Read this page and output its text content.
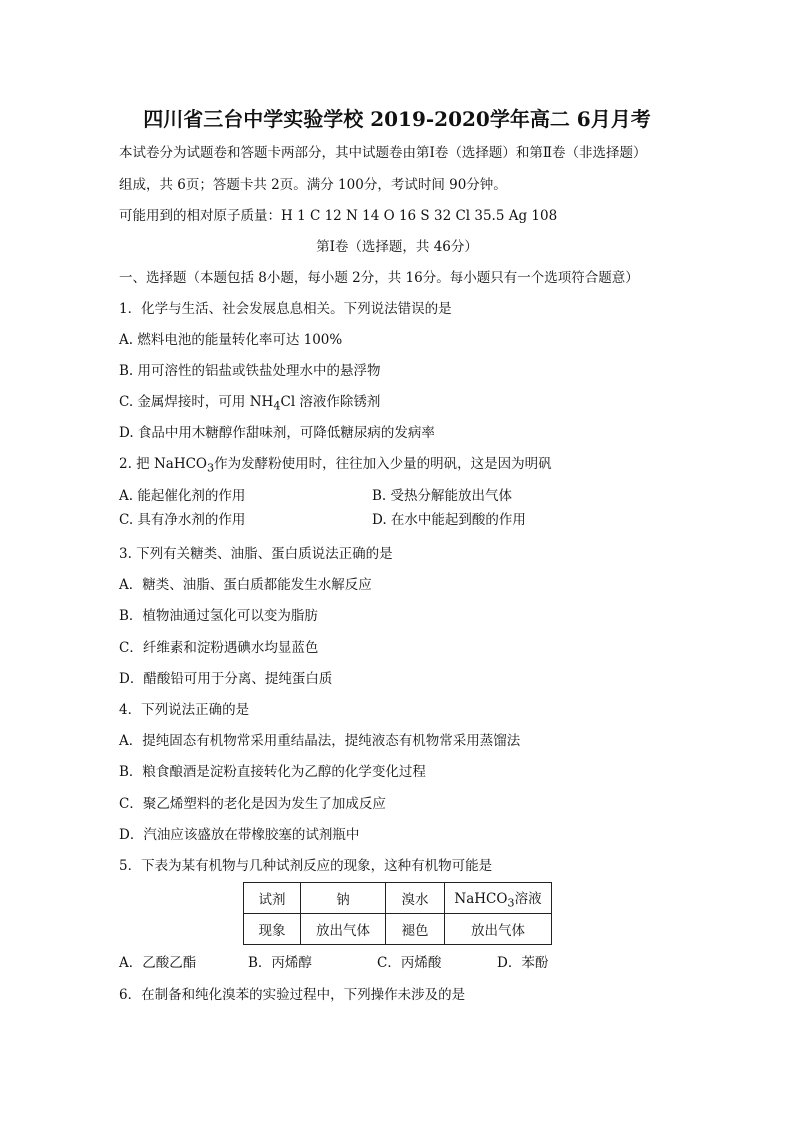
四川省三台中学实验学校 2019-2020学年高二 6月月考
本试卷分为试题卷和答题卡两部分，其中试题卷由第Ⅰ卷（选择题）和第Ⅱ卷（非选择题）
组成，共 6页；答题卡共 2页。满分 100分，考试时间 90分钟。
可能用到的相对原子质量：H 1 C 12 N 14 O 16 S 32 Cl 35.5 Ag 108
第Ⅰ卷（选择题，共 46分）
一、选择题（本题包括 8小题，每小题 2分，共 16分。每小题只有一个选项符合题意）
1．化学与生活、社会发展息息相关。下列说法错误的是
A. 燃料电池的能量转化率可达 100%
B. 用可溶性的铝盐或铁盐处理水中的悬浮物
C. 金属焊接时，可用 $NH_4Cl$ 溶液作除锈剂
D. 食品中用木糖醇作甜味剂，可降低糖尿病的发病率
2. 把 NaHCO$_3$作为发酵粉使用时，往往加入少量的明矾，这是因为明矾
A. 能起催化剂的作用	B. 受热分解能放出气体
C. 具有净水剂的作用	D. 在水中能起到酸的作用
3. 下列有关糖类、油脂、蛋白质说法正确的是
A．糖类、油脂、蛋白质都能发生水解反应
B．植物油通过氢化可以变为脂肪
C．纤维素和淀粉遇碘水均显蓝色
D．醋酸铅可用于分离、提纯蛋白质
4．下列说法正确的是
A．提纯固态有机物常采用重结晶法，提纯液态有机物常采用蒸馏法
B．粮食酿酒是淀粉直接转化为乙醇的化学变化过程
C．聚乙烯塑料的老化是因为发生了加成反应
D．汽油应该盛放在带橡胶塞的试剂瓶中
5．下表为某有机物与几种试剂反应的现象，这种有机物可能是
试剂	钠	溴水	NaHCO$_3$溶液
现象	放出气体	褪色	放出气体
A．乙酸乙酯	B．丙烯醇	C．丙烯酸	D．苯酚
6．在制备和纯化溴苯的实验过程中，下列操作未涉及的是
